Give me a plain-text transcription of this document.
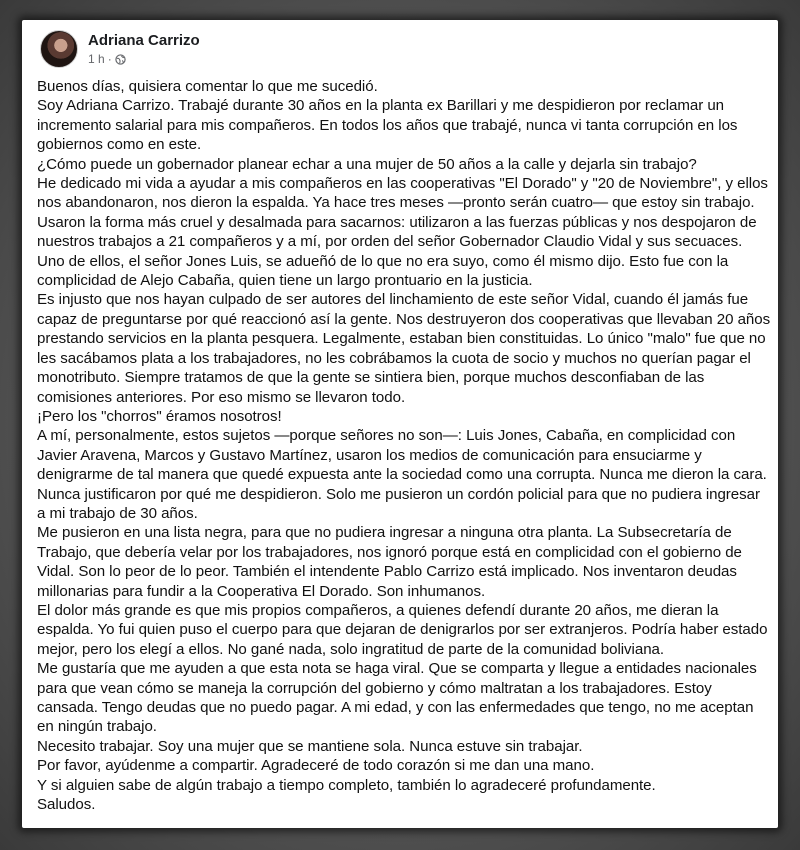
Adriana Carrizo
1 h ·

Buenos días, quisiera comentar lo que me sucedió.

Soy Adriana Carrizo. Trabajé durante 30 años en la planta ex Barillari y me despidieron por reclamar un incremento salarial para mis compañeros. En todos los años que trabajé, nunca vi tanta corrupción en los gobiernos como en este.

¿Cómo puede un gobernador planear echar a una mujer de 50 años a la calle y dejarla sin trabajo?

He dedicado mi vida a ayudar a mis compañeros en las cooperativas "El Dorado" y "20 de Noviembre", y ellos nos abandonaron, nos dieron la espalda. Ya hace tres meses —pronto serán cuatro— que estoy sin trabajo.

Usaron la forma más cruel y desalmada para sacarnos: utilizaron a las fuerzas públicas y nos despojaron de nuestros trabajos a 21 compañeros y a mí, por orden del señor Gobernador Claudio Vidal y sus secuaces. Uno de ellos, el señor Jones Luis, se adueñó de lo que no era suyo, como él mismo dijo. Esto fue con la complicidad de Alejo Cabaña, quien tiene un largo prontuario en la justicia.

Es injusto que nos hayan culpado de ser autores del linchamiento de este señor Vidal, cuando él jamás fue capaz de preguntarse por qué reaccionó así la gente. Nos destruyeron dos cooperativas que llevaban 20 años prestando servicios en la planta pesquera. Legalmente, estaban bien constituidas. Lo único "malo" fue que no les sacábamos plata a los trabajadores, no les cobrábamos la cuota de socio y muchos no querían pagar el monotributo. Siempre tratamos de que la gente se sintiera bien, porque muchos desconfiaban de las comisiones anteriores. Por eso mismo se llevaron todo.

¡Pero los "chorros" éramos nosotros!

A mí, personalmente, estos sujetos —porque señores no son—: Luis Jones, Cabaña, en complicidad con Javier Aravena, Marcos y Gustavo Martínez, usaron los medios de comunicación para ensuciarme y denigrarme de tal manera que quedé expuesta ante la sociedad como una corrupta. Nunca me dieron la cara. Nunca justificaron por qué me despidieron. Solo me pusieron un cordón policial para que no pudiera ingresar a mi trabajo de 30 años.

Me pusieron en una lista negra, para que no pudiera ingresar a ninguna otra planta. La Subsecretaría de Trabajo, que debería velar por los trabajadores, nos ignoró porque está en complicidad con el gobierno de Vidal. Son lo peor de lo peor. También el intendente Pablo Carrizo está implicado. Nos inventaron deudas millonarias para fundir a la Cooperativa El Dorado. Son inhumanos.

El dolor más grande es que mis propios compañeros, a quienes defendí durante 20 años, me dieran la espalda. Yo fui quien puso el cuerpo para que dejaran de denigrarlos por ser extranjeros. Podría haber estado mejor, pero los elegí a ellos. No gané nada, solo ingratitud de parte de la comunidad boliviana.

Me gustaría que me ayuden a que esta nota se haga viral. Que se comparta y llegue a entidades nacionales para que vean cómo se maneja la corrupción del gobierno y cómo maltratan a los trabajadores. Estoy cansada. Tengo deudas que no puedo pagar. A mi edad, y con las enfermedades que tengo, no me aceptan en ningún trabajo.

Necesito trabajar. Soy una mujer que se mantiene sola. Nunca estuve sin trabajar.

Por favor, ayúdenme a compartir. Agradeceré de todo corazón si me dan una mano.

Y si alguien sabe de algún trabajo a tiempo completo, también lo agradeceré profundamente.

Saludos.
